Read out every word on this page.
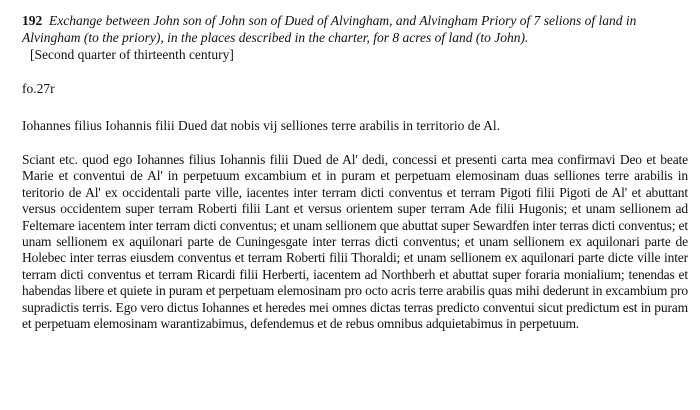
192 Exchange between John son of John son of Dued of Alvingham, and Alvingham Priory of 7 selions of land in Alvingham (to the priory), in the places described in the charter, for 8 acres of land (to John).
[Second quarter of thirteenth century]
fo.27r
Iohannes filius Iohannis filii Dued dat nobis vij selliones terre arabilis in territorio de Al.
Sciant etc. quod ego Iohannes filius Iohannis filii Dued de Al' dedi, concessi et presenti carta mea confirmavi Deo et beate Marie et conventui de Al' in perpetuum excambium et in puram et perpetuam elemosinam duas selliones terre arabilis in teritorio de Al' ex occidentali parte ville, iacentes inter terram dicti conventus et terram Pigoti filii Pigoti de Al' et abuttant versus occidentem super terram Roberti filii Lant et versus orientem super terram Ade filii Hugonis; et unam sellionem ad Feltemare iacentem inter terram dicti conventus; et unam sellionem que abuttat super Sewardfen inter terras dicti conventus; et unam sellionem ex aquilonari parte de Cuningesgate inter terras dicti conventus; et unam sellionem ex aquilonari parte de Holebec inter terras eiusdem conventus et terram Roberti filii Thoraldi; et unam sellionem ex aquilonari parte dicte ville inter terram dicti conventus et terram Ricardi filii Herberti, iacentem ad Northberh et abuttat super foraria monialium; tenendas et habendas libere et quiete in puram et perpetuam elemosinam pro octo acris terre arabilis quas mihi dederunt in excambium pro supradictis terris. Ego vero dictus Iohannes et heredes mei omnes dictas terras predicto conventui sicut predictum est in puram et perpetuam elemosinam warantizabimus, defendemus et de rebus omnibus adquietabimus in perpetuum.
